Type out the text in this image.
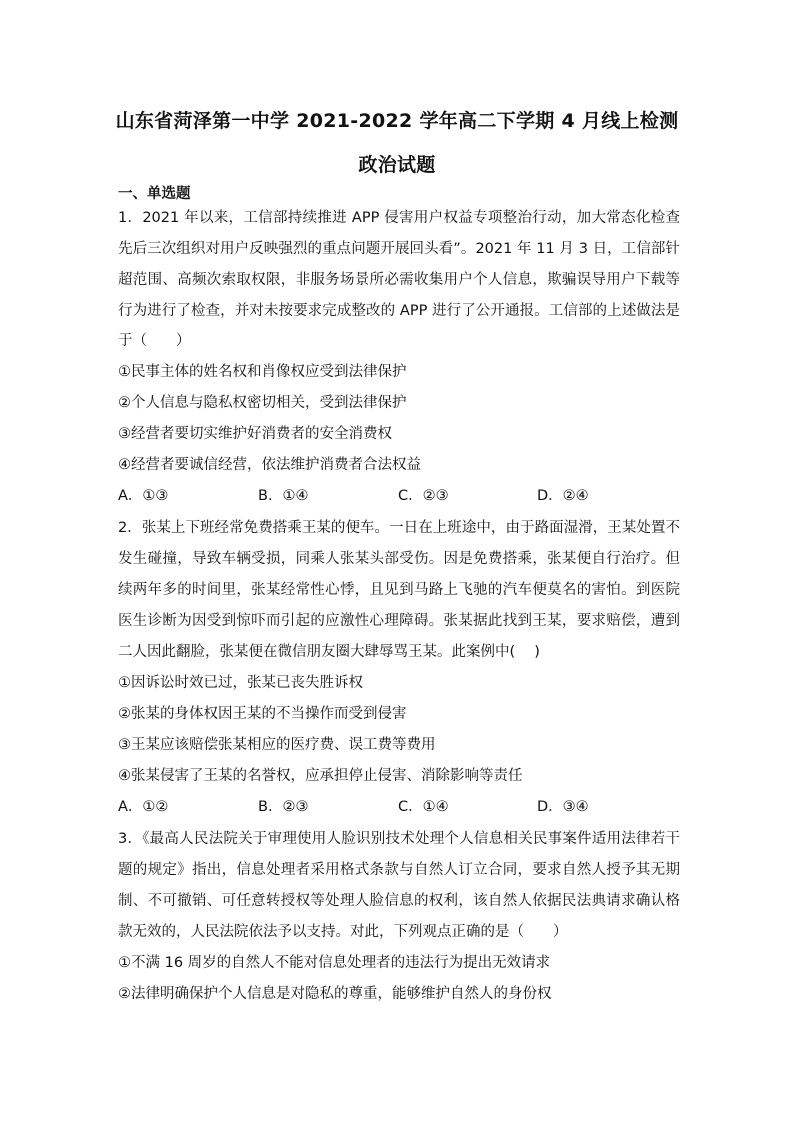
山东省菏泽第一中学 2021-2022 学年高二下学期 4 月线上检测
政治试题
一、单选题
1．2021 年以来，工信部持续推进 APP 侵害用户权益专项整治行动，加大常态化检查
先后三次组织对用户反映强烈的重点问题开展回头看”。2021 年 11 月 3 日，工信部针
超范围、高频次索取权限，非服务场景所必需收集用户个人信息，欺骗误导用户下载等
行为进行了检查，并对未按要求完成整改的 APP 进行了公开通报。工信部的上述做法是
于（　　）
①民事主体的姓名权和肖像权应受到法律保护
②个人信息与隐私权密切相关，受到法律保护
③经营者要切实维护好消费者的安全消费权
④经营者要诚信经营，依法维护消费者合法权益
A．①③	B．①④	C．②③	D．②④
2．张某上下班经常免费搭乘王某的便车。一日在上班途中，由于路面湿滑，王某处置不
发生碰撞，导致车辆受损，同乘人张某头部受伤。因是免费搭乘，张某便自行治疗。但
续两年多的时间里，张某经常性心悸，且见到马路上飞驰的汽车便莫名的害怕。到医院
医生诊断为因受到惊吓而引起的应激性心理障碍。张某据此找到王某，要求赔偿，遭到
二人因此翻脸，张某便在微信朋友圈大肆辱骂王某。此案例中(　 )
①因诉讼时效已过，张某已丧失胜诉权
②张某的身体权因王某的不当操作而受到侵害
③王某应该赔偿张某相应的医疗费、误工费等费用
④张某侵害了王某的名誉权，应承担停止侵害、消除影响等责任
A．①②	B．②③	C．①④	D．③④
3．《最高人民法院关于审理使用人脸识别技术处理个人信息相关民事案件适用法律若干
题的规定》指出，信息处理者采用格式条款与自然人订立合同，要求自然人授予其无期
制、不可撤销、可任意转授权等处理人脸信息的权利，该自然人依据民法典请求确认格
款无效的，人民法院依法予以支持。对此，下列观点正确的是（　　）
①不满 16 周岁的自然人不能对信息处理者的违法行为提出无效请求
②法律明确保护个人信息是对隐私的尊重，能够维护自然人的身份权
